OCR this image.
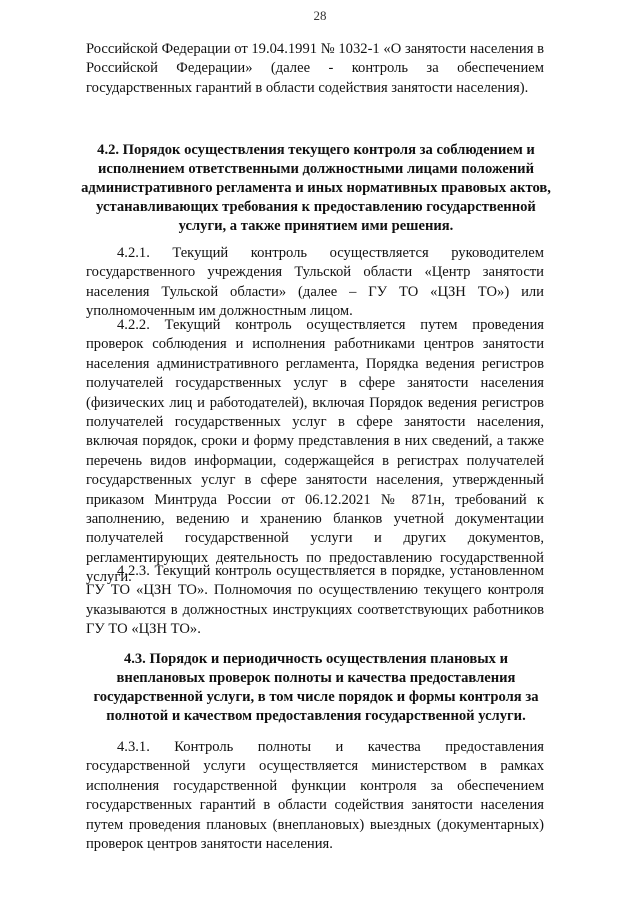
28

Российской Федерации от 19.04.1991 № 1032-1 «О занятости населения в Российской Федерации» (далее - контроль за обеспечением государственных гарантий в области содействия занятости населения).

4.2. Порядок осуществления текущего контроля за соблюдением и исполнением ответственными должностными лицами положений административного регламента и иных нормативных правовых актов, устанавливающих требования к предоставлению государственной услуги, а также принятием ими решения.

4.2.1. Текущий контроль осуществляется руководителем государственного учреждения Тульской области «Центр занятости населения Тульской области» (далее – ГУ ТО «ЦЗН ТО») или уполномоченным им должностным лицом.

4.2.2. Текущий контроль осуществляется путем проведения проверок соблюдения и исполнения работниками центров занятости населения административного регламента, Порядка ведения регистров получателей государственных услуг в сфере занятости населения (физических лиц и работодателей), включая Порядок ведения регистров получателей государственных услуг в сфере занятости населения, включая порядок, сроки и форму представления в них сведений, а также перечень видов информации, содержащейся в регистрах получателей государственных услуг в сфере занятости населения, утвержденный приказом Минтруда России от 06.12.2021 № 871н, требований к заполнению, ведению и хранению бланков учетной документации получателей государственной услуги и других документов, регламентирующих деятельность по предоставлению государственной услуги.

4.2.3. Текущий контроль осуществляется в порядке, установленном ГУ ТО «ЦЗН ТО». Полномочия по осуществлению текущего контроля указываются в должностных инструкциях соответствующих работников ГУ ТО «ЦЗН ТО».

4.3. Порядок и периодичность осуществления плановых и внеплановых проверок полноты и качества предоставления государственной услуги, в том числе порядок и формы контроля за полнотой и качеством предоставления государственной услуги.

4.3.1. Контроль полноты и качества предоставления государственной услуги осуществляется министерством в рамках исполнения государственной функции контроля за обеспечением государственных гарантий в области содействия занятости населения путем проведения плановых (внеплановых) выездных (документарных) проверок центров занятости населения.
